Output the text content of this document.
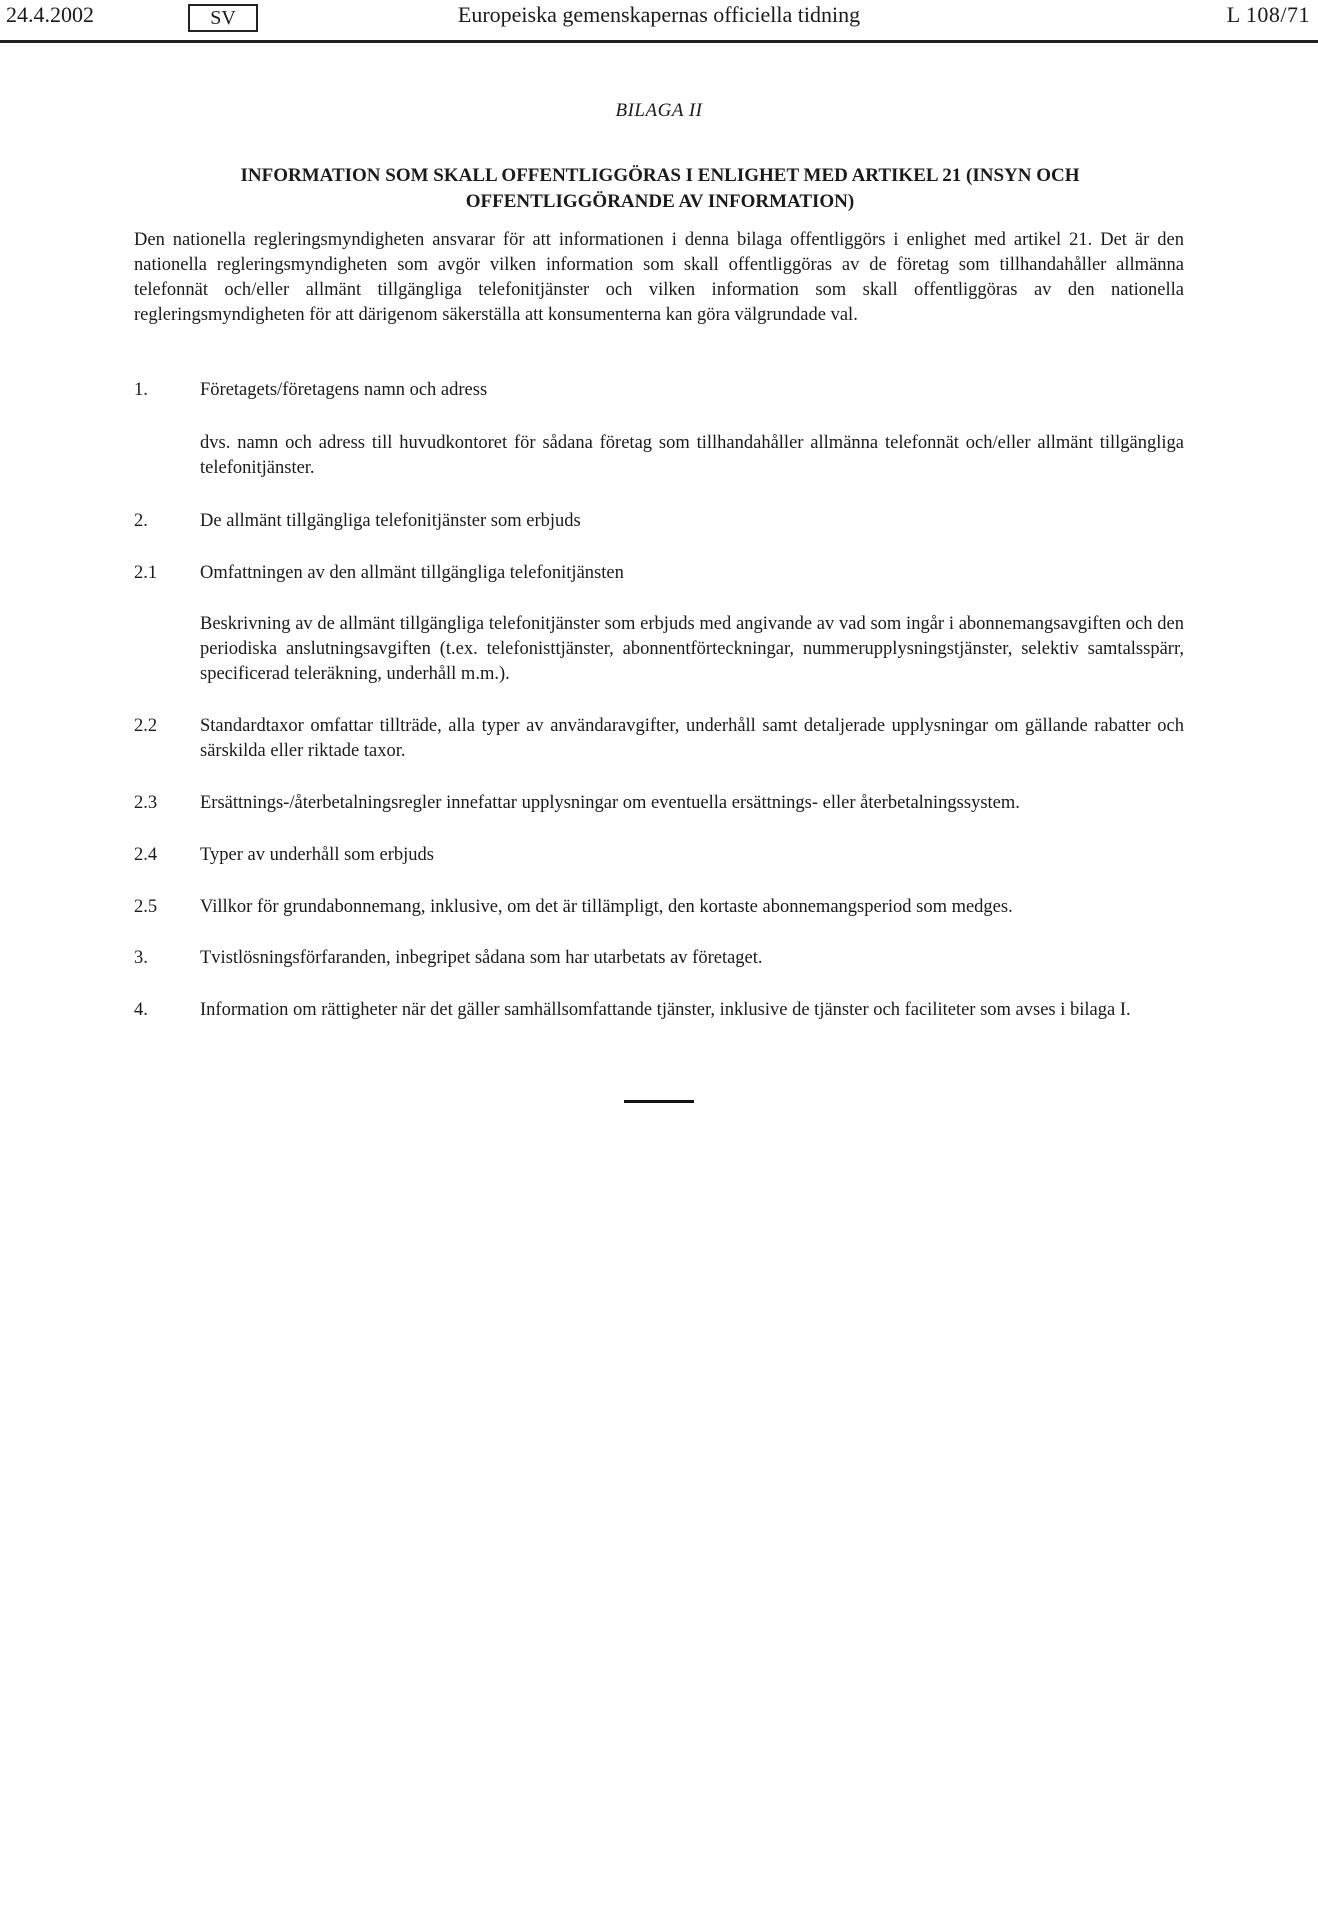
24.4.2002	SV	Europeiska gemenskapernas officiella tidning	L 108/71
BILAGA II
INFORMATION SOM SKALL OFFENTLIGGÖRAS I ENLIGHET MED ARTIKEL 21 (INSYN OCH OFFENTLIGGÖRANDE AV INFORMATION)

Den nationella regleringsmyndigheten ansvarar för att informationen i denna bilaga offentliggörs i enlighet med artikel 21. Det är den nationella regleringsmyndigheten som avgör vilken information som skall offentliggöras av de företag som tillhandahåller allmänna telefonnät och/eller allmänt tillgängliga telefonitjänster och vilken information som skall offentliggöras av den nationella regleringsmyndigheten för att därigenom säkerställa att konsumenterna kan göra välgrundade val.

1.	Företagets/företagens namn och adress

dvs. namn och adress till huvudkontoret för sådana företag som tillhandahåller allmänna telefonnät och/eller allmänt tillgängliga telefonitjänster.

2.	De allmänt tillgängliga telefonitjänster som erbjuds
2.1	Omfattningen av den allmänt tillgängliga telefonitjänsten

Beskrivning av de allmänt tillgängliga telefonitjänster som erbjuds med angivande av vad som ingår i abonnemangsavgiften och den periodiska anslutningsavgiften (t.ex. telefonisttjänster, abonnentförteckningar, nummerupplysningstjänster, selektiv samtalsspärr, specificerad teleräkning, underhåll m.m.).

2.2	Standardtaxor omfattar tillträde, alla typer av användaravgifter, underhåll samt detaljerade upplysningar om gällande rabatter och särskilda eller riktade taxor.
2.3	Ersättnings-/återbetalningsregler innefattar upplysningar om eventuella ersättnings- eller återbetalningssystem.
2.4	Typer av underhåll som erbjuds
2.5	Villkor för grundabonnemang, inklusive, om det är tillämpligt, den kortaste abonnemangsperiod som medges.
3.	Tvistlösningsförfaranden, inbegripet sådana som har utarbetats av företaget.
4.	Information om rättigheter när det gäller samhällsomfattande tjänster, inklusive de tjänster och faciliteter som avses i bilaga I.
